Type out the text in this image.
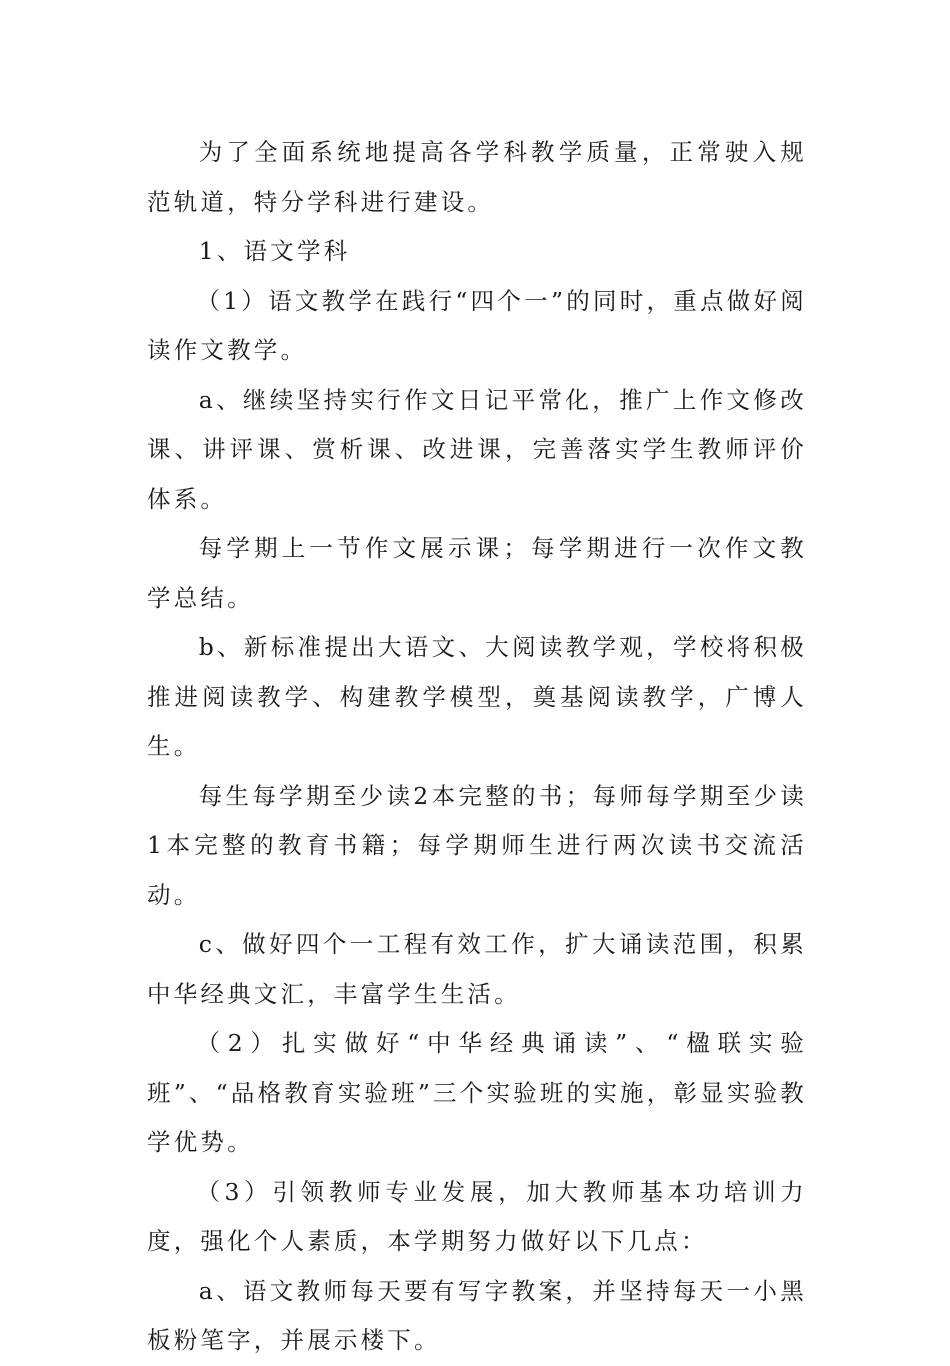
为了全面系统地提高各学科教学质量，正常驶入规范轨道，特分学科进行建设。

1、语文学科

（1）语文教学在践行“四个一”的同时，重点做好阅读作文教学。

a、继续坚持实行作文日记平常化，推广上作文修改课、讲评课、赏析课、改进课，完善落实学生教师评价体系。

每学期上一节作文展示课；每学期进行一次作文教学总结。

b、新标准提出大语文、大阅读教学观，学校将积极推进阅读教学、构建教学模型，奠基阅读教学，广博人生。

每生每学期至少读2本完整的书；每师每学期至少读1本完整的教育书籍；每学期师生进行两次读书交流活动。

c、做好四个一工程有效工作，扩大诵读范围，积累中华经典文汇，丰富学生生活。

（2）扎实做好“中华经典诵读”、“楹联实验班”、“品格教育实验班”三个实验班的实施，彰显实验教学优势。

（3）引领教师专业发展，加大教师基本功培训力度，强化个人素质，本学期努力做好以下几点：

a、语文教师每天要有写字教案，并坚持每天一小黑板粉笔字，并展示楼下。
